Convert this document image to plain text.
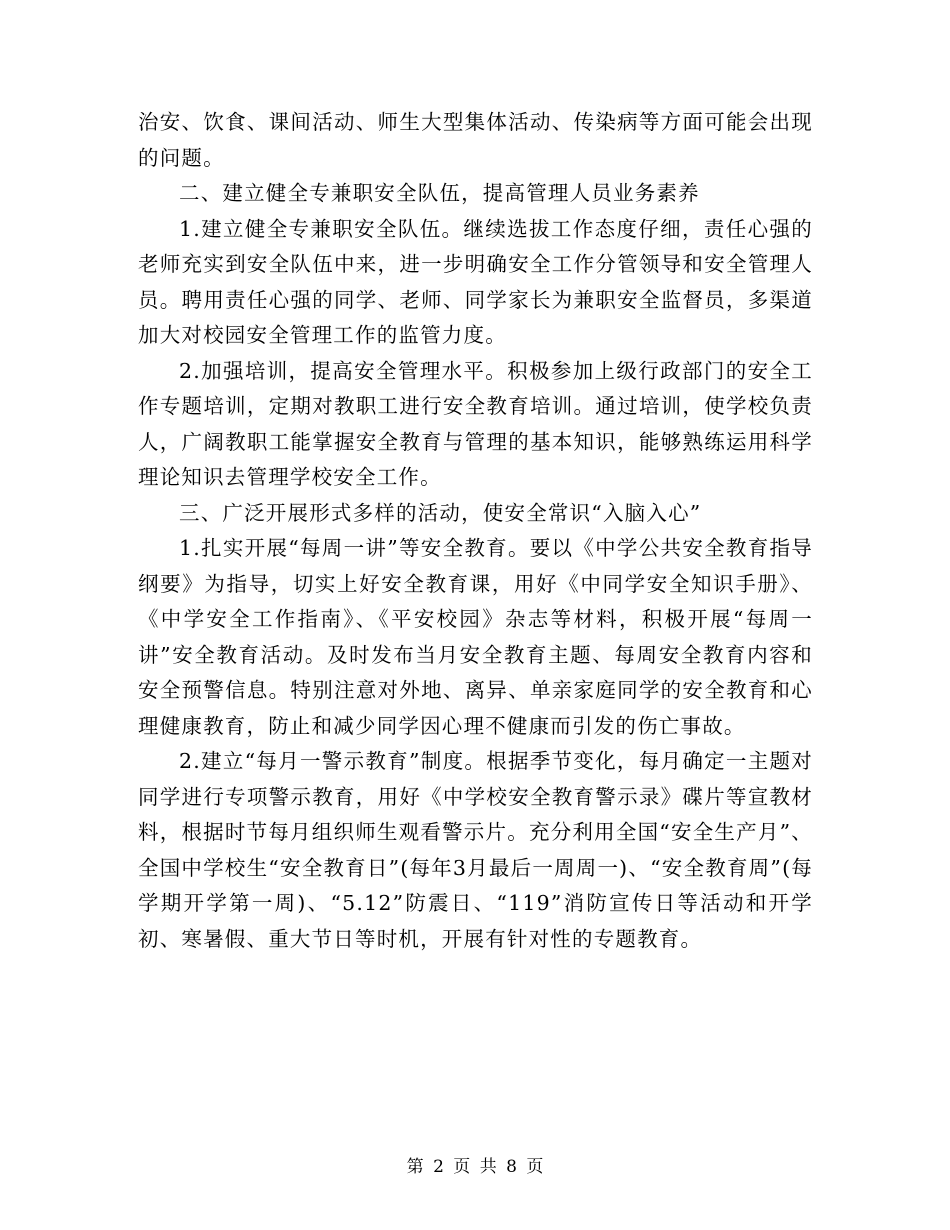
治安、饮食、课间活动、师生大型集体活动、传染病等方面可能会出现的问题。

二、建立健全专兼职安全队伍，提高管理人员业务素养

1.建立健全专兼职安全队伍。继续选拔工作态度仔细，责任心强的老师充实到安全队伍中来，进一步明确安全工作分管领导和安全管理人员。聘用责任心强的同学、老师、同学家长为兼职安全监督员，多渠道加大对校园安全管理工作的监管力度。

2.加强培训，提高安全管理水平。积极参加上级行政部门的安全工作专题培训，定期对教职工进行安全教育培训。通过培训，使学校负责人，广阔教职工能掌握安全教育与管理的基本知识，能够熟练运用科学理论知识去管理学校安全工作。

三、广泛开展形式多样的活动，使安全常识“入脑入心”

1.扎实开展“每周一讲”等安全教育。要以《中学公共安全教育指导纲要》为指导，切实上好安全教育课，用好《中同学安全知识手册》、《中学安全工作指南》、《平安校园》杂志等材料，积极开展“每周一讲”安全教育活动。及时发布当月安全教育主题、每周安全教育内容和安全预警信息。特别注意对外地、离异、单亲家庭同学的安全教育和心理健康教育，防止和减少同学因心理不健康而引发的伤亡事故。

2.建立“每月一警示教育”制度。根据季节变化，每月确定一主题对同学进行专项警示教育，用好《中学校安全教育警示录》碟片等宣教材料，根据时节每月组织师生观看警示片。充分利用全国“安全生产月”、全国中学校生“安全教育日”(每年3月最后一周周一)、“安全教育周”(每学期开学第一周)、“5.12”防震日、“119”消防宣传日等活动和开学初、寒暑假、重大节日等时机，开展有针对性的专题教育。

第 2 页 共 8 页
